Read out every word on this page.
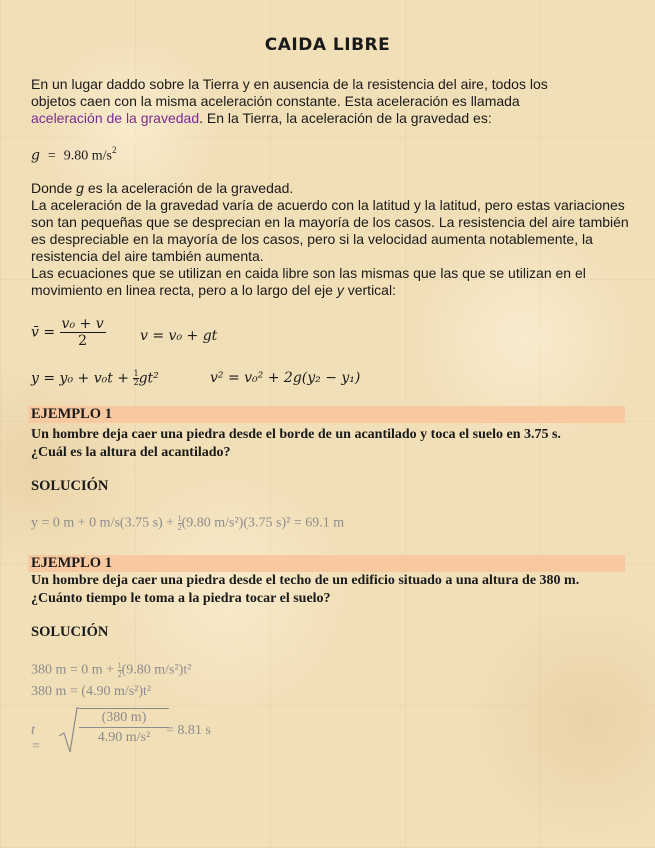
CAIDA LIBRE

En un lugar daddo sobre la Tierra y en ausencia de la resistencia del aire, todos los

objetos caen con la misma aceleración constante. Esta aceleración es llamada

aceleración de la gravedad. En la Tierra, la aceleración de la gravedad es:

g  =  9.80 $m/s^2$

Donde g es la aceleración de la gravedad.

La aceleración de la gravedad varía de acuerdo con la latitud y la latitud, pero estas variaciones son tan pequeñas que se desprecian en la mayoría de los casos. La resistencia del aire también es despreciable en la mayoría de los casos, pero si la velocidad aumenta notablemente, la resistencia del aire también aumenta.

Las ecuaciones que se utilizan en caida libre son las mismas que las que se utilizan en el movimiento en linea recta, pero a lo largo del eje y vertical:

v̄ = $\frac{\text{v₀ + v}}{2}$ v = v₀ + gt
$y = y_0 + v_0t + \frac{1}{2} gt^2$	v² = v₀² + 2g(y₂ − y₁)
EJEMPLO 1

Un hombre deja caer una piedra desde el borde de un acantilado y toca el suelo en 3.75 s.

¿Cuál es la altura del acantilado?

SOLUCIÓN
y = 0 m + 0 m/s(3.75 $s) + \frac{1}{2} (9.80$ m/s²)(3.75 s)² = 69.1 m
EJEMPLO 1

Un hombre deja caer una piedra desde el techo de un edificio situado a una altura de 380 m.

¿Cuánto tiempo le toma a la piedra tocar el suelo?

SOLUCIÓN
380 m = 0 $m + \frac{1}{2} (9.80$ m/s²)t²
380 m = (4.90 m/s²)t²
t =
$\frac{(380 m)}{\text{4.90 m/s²}}$
= 8.81 s
